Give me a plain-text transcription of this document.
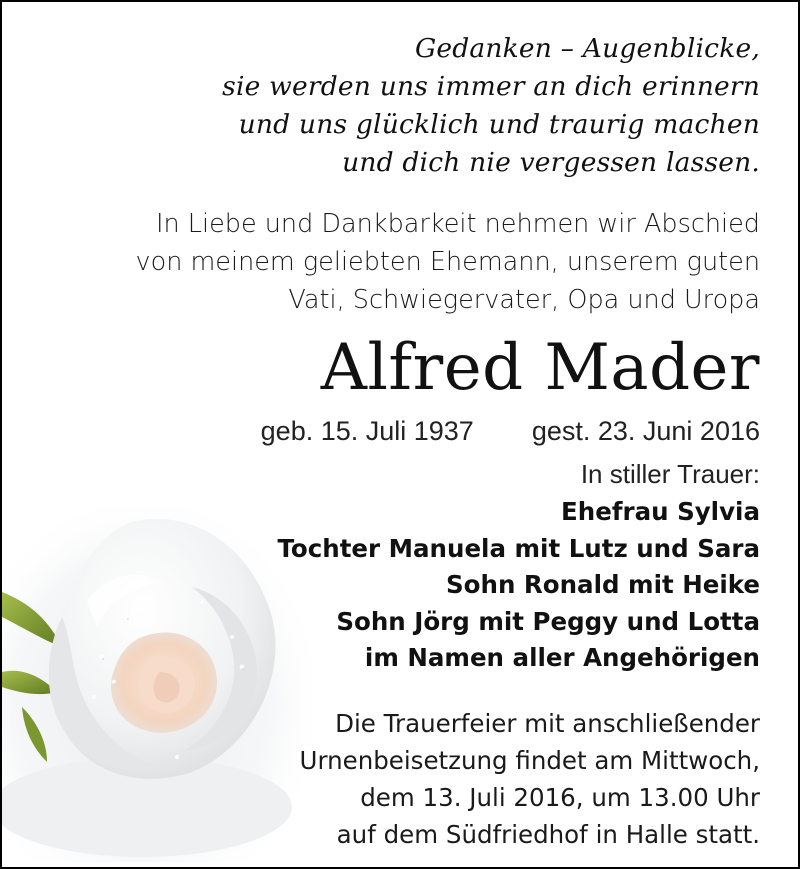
Gedanken – Augenblicke,
sie werden uns immer an dich erinnern
und uns glücklich und traurig machen
und dich nie vergessen lassen.
In Liebe und Dankbarkeit nehmen wir Abschied
von meinem geliebten Ehemann, unserem guten
Vati, Schwiegervater, Opa und Uropa
Alfred Mader
geb. 15. Juli 1937 gest. 23. Juni 2016
In stiller Trauer:
Ehefrau Sylvia
Tochter Manuela mit Lutz und Sara
Sohn Ronald mit Heike
Sohn Jörg mit Peggy und Lotta
im Namen aller Angehörigen
Die Trauerfeier mit anschließender
Urnenbeisetzung findet am Mittwoch,
dem 13. Juli 2016, um 13.00 Uhr
auf dem Südfriedhof in Halle statt.
